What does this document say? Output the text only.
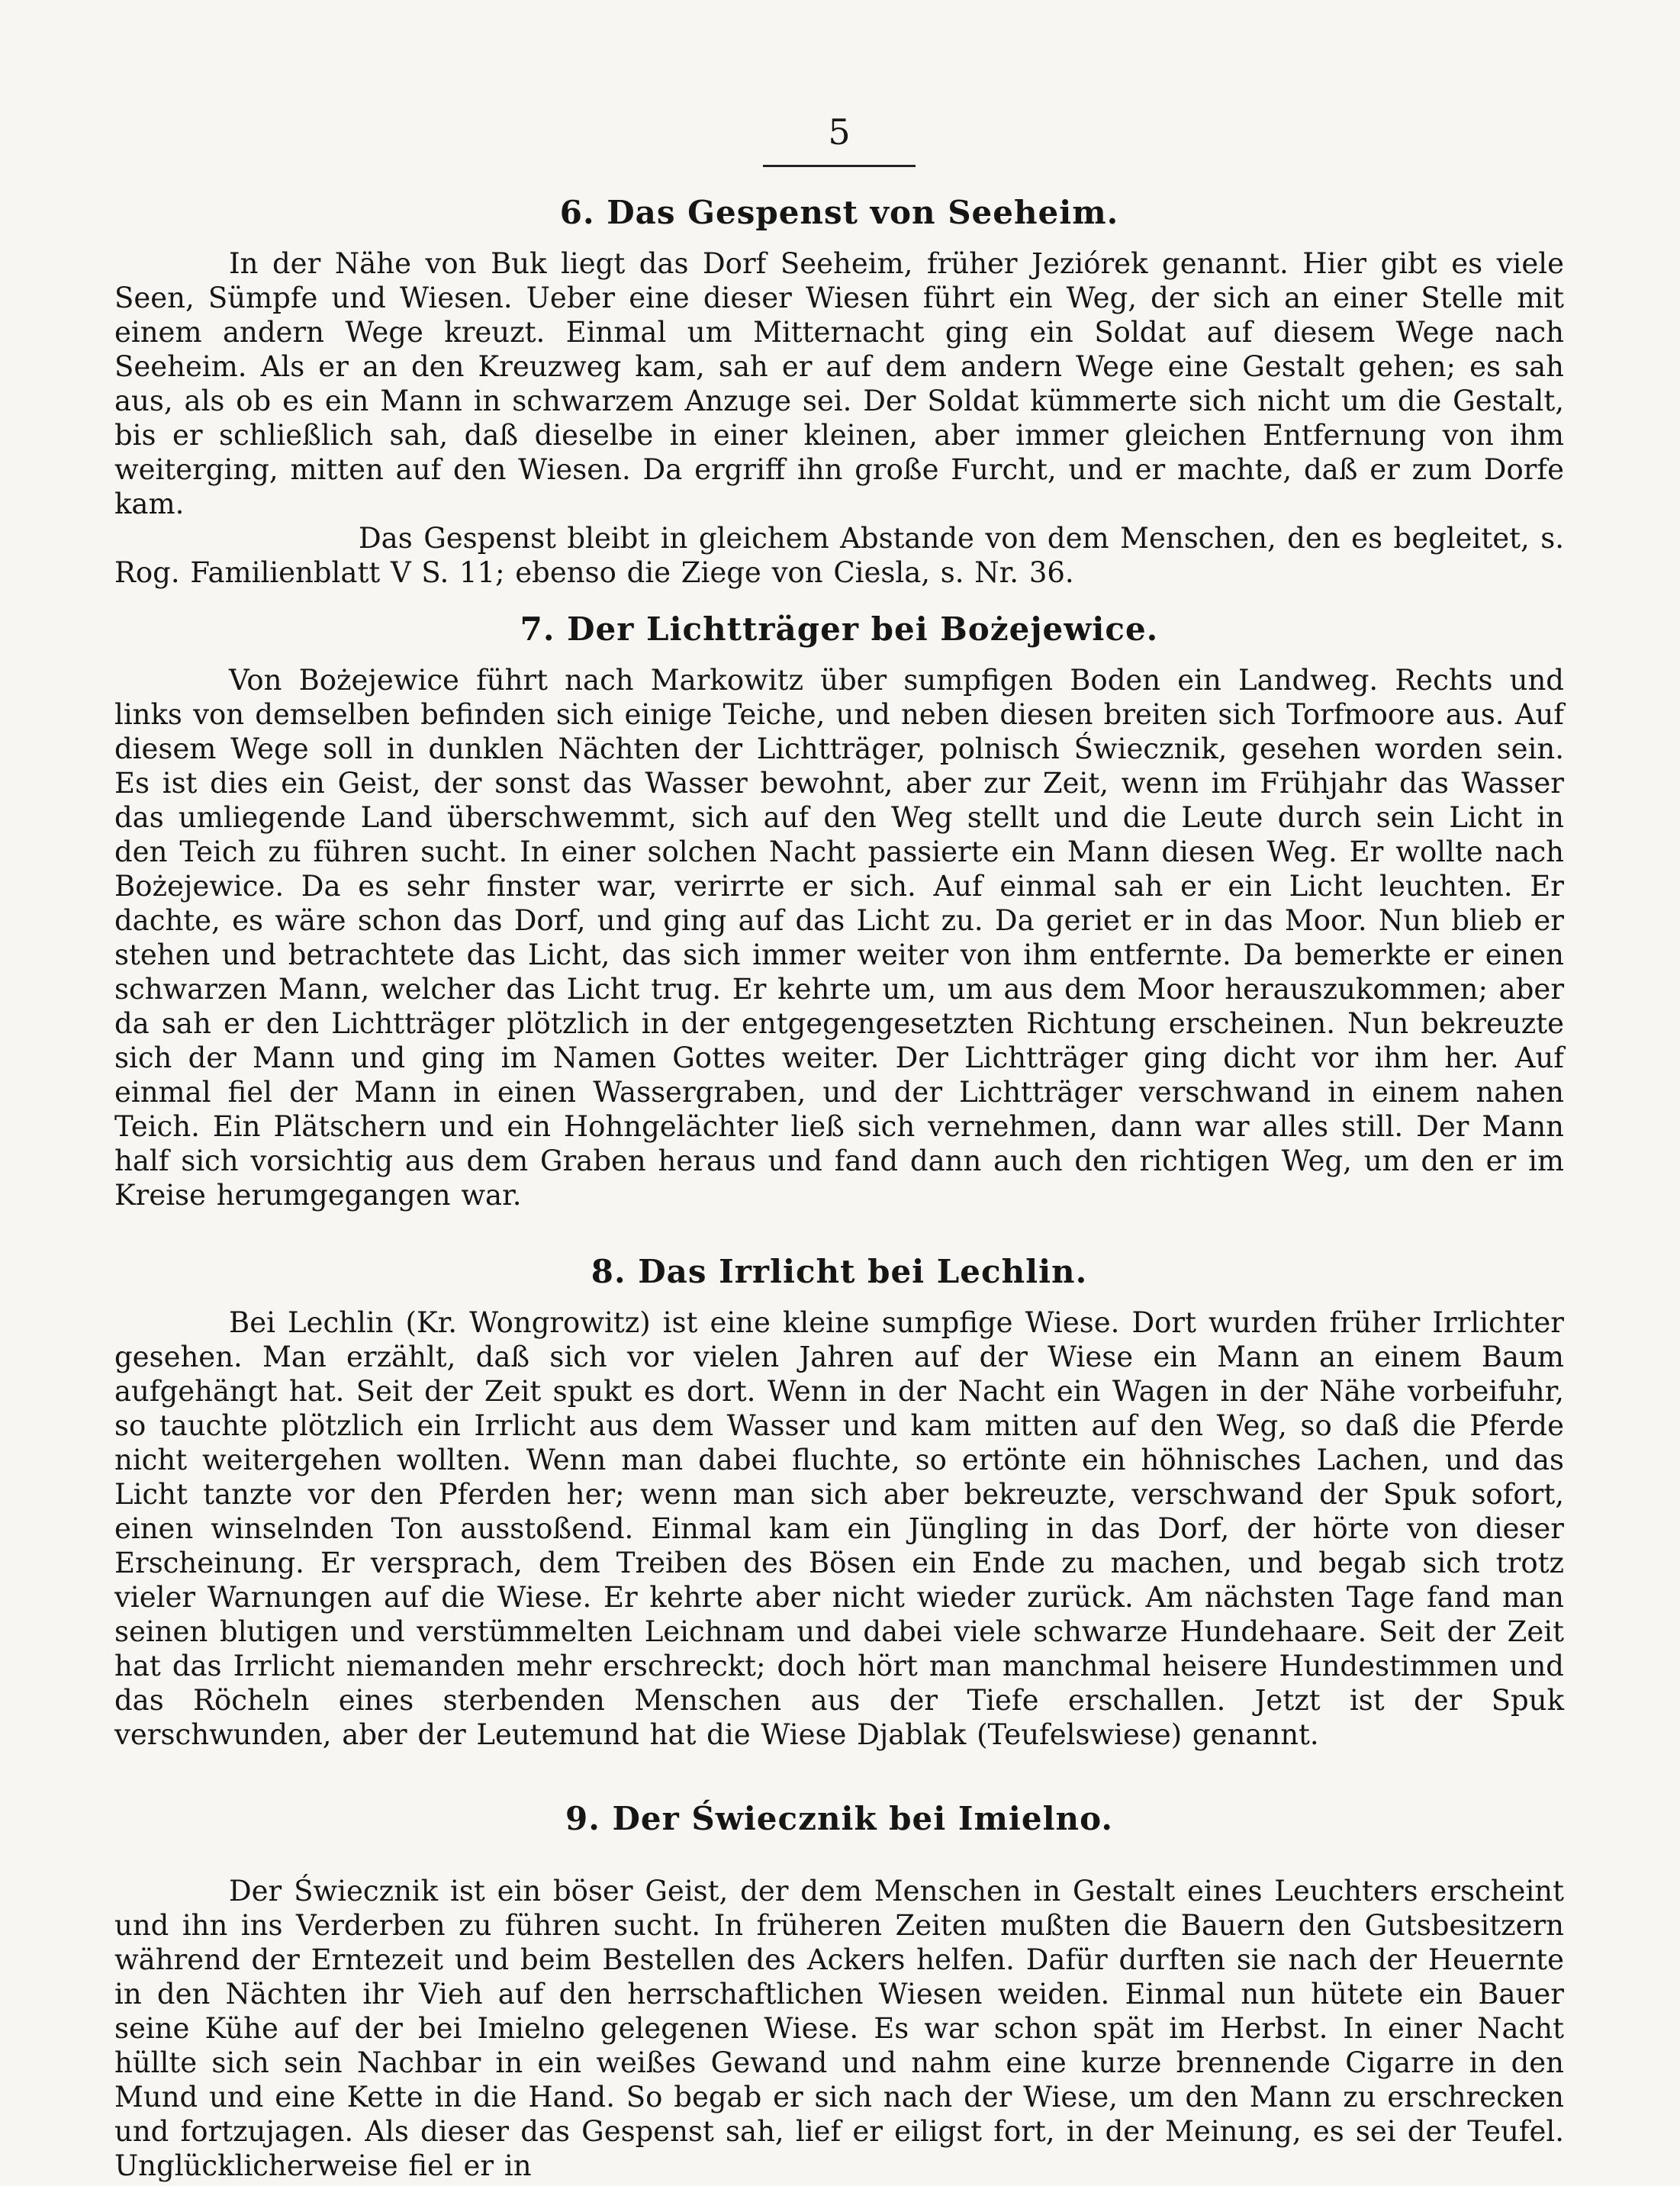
5
6. Das Gespenst von Seeheim.

In der Nähe von Buk liegt das Dorf Seeheim, früher Jeziórek genannt. Hier gibt es viele Seen, Sümpfe und Wiesen. Ueber eine dieser Wiesen führt ein Weg, der sich an einer Stelle mit einem andern Wege kreuzt. Einmal um Mitternacht ging ein Soldat auf diesem Wege nach Seeheim. Als er an den Kreuzweg kam, sah er auf dem andern Wege eine Gestalt gehen; es sah aus, als ob es ein Mann in schwarzem Anzuge sei. Der Soldat kümmerte sich nicht um die Gestalt, bis er schließlich sah, daß dieselbe in einer kleinen, aber immer gleichen Entfernung von ihm weiterging, mitten auf den Wiesen. Da ergriff ihn große Furcht, und er machte, daß er zum Dorfe kam.

Das Gespenst bleibt in gleichem Abstande von dem Menschen, den es begleitet, s. Rog. Familienblatt V S. 11; ebenso die Ziege von Ciesla, s. Nr. 36.

7. Der Lichtträger bei Bożejewice.

Von Bożejewice führt nach Markowitz über sumpfigen Boden ein Landweg. Rechts und links von demselben befinden sich einige Teiche, und neben diesen breiten sich Torfmoore aus. Auf diesem Wege soll in dunklen Nächten der Lichtträger, polnisch Świecznik, gesehen worden sein. Es ist dies ein Geist, der sonst das Wasser bewohnt, aber zur Zeit, wenn im Frühjahr das Wasser das umliegende Land überschwemmt, sich auf den Weg stellt und die Leute durch sein Licht in den Teich zu führen sucht. In einer solchen Nacht passierte ein Mann diesen Weg. Er wollte nach Bożejewice. Da es sehr finster war, verirrte er sich. Auf einmal sah er ein Licht leuchten. Er dachte, es wäre schon das Dorf, und ging auf das Licht zu. Da geriet er in das Moor. Nun blieb er stehen und betrachtete das Licht, das sich immer weiter von ihm entfernte. Da bemerkte er einen schwarzen Mann, welcher das Licht trug. Er kehrte um, um aus dem Moor herauszukommen; aber da sah er den Lichtträger plötzlich in der entgegengesetzten Richtung erscheinen. Nun bekreuzte sich der Mann und ging im Namen Gottes weiter. Der Lichtträger ging dicht vor ihm her. Auf einmal fiel der Mann in einen Wassergraben, und der Lichtträger verschwand in einem nahen Teich. Ein Plätschern und ein Hohngelächter ließ sich vernehmen, dann war alles still. Der Mann half sich vorsichtig aus dem Graben heraus und fand dann auch den richtigen Weg, um den er im Kreise herumgegangen war.

8. Das Irrlicht bei Lechlin.

Bei Lechlin (Kr. Wongrowitz) ist eine kleine sumpfige Wiese. Dort wurden früher Irrlichter gesehen. Man erzählt, daß sich vor vielen Jahren auf der Wiese ein Mann an einem Baum aufgehängt hat. Seit der Zeit spukt es dort. Wenn in der Nacht ein Wagen in der Nähe vorbeifuhr, so tauchte plötzlich ein Irrlicht aus dem Wasser und kam mitten auf den Weg, so daß die Pferde nicht weitergehen wollten. Wenn man dabei fluchte, so ertönte ein höhnisches Lachen, und das Licht tanzte vor den Pferden her; wenn man sich aber bekreuzte, verschwand der Spuk sofort, einen winselnden Ton ausstoßend. Einmal kam ein Jüngling in das Dorf, der hörte von dieser Erscheinung. Er versprach, dem Treiben des Bösen ein Ende zu machen, und begab sich trotz vieler Warnungen auf die Wiese. Er kehrte aber nicht wieder zurück. Am nächsten Tage fand man seinen blutigen und verstümmelten Leichnam und dabei viele schwarze Hundehaare. Seit der Zeit hat das Irrlicht niemanden mehr erschreckt; doch hört man manchmal heisere Hundestimmen und das Röcheln eines sterbenden Menschen aus der Tiefe erschallen. Jetzt ist der Spuk verschwunden, aber der Leutemund hat die Wiese Djablak (Teufelswiese) genannt.

9. Der Świecznik bei Imielno.

Der Świecznik ist ein böser Geist, der dem Menschen in Gestalt eines Leuchters erscheint und ihn ins Verderben zu führen sucht. In früheren Zeiten mußten die Bauern den Gutsbesitzern während der Erntezeit und beim Bestellen des Ackers helfen. Dafür durften sie nach der Heuernte in den Nächten ihr Vieh auf den herrschaftlichen Wiesen weiden. Einmal nun hütete ein Bauer seine Kühe auf der bei Imielno gelegenen Wiese. Es war schon spät im Herbst. In einer Nacht hüllte sich sein Nachbar in ein weißes Gewand und nahm eine kurze brennende Cigarre in den Mund und eine Kette in die Hand. So begab er sich nach der Wiese, um den Mann zu erschrecken und fortzujagen. Als dieser das Gespenst sah, lief er eiligst fort, in der Meinung, es sei der Teufel. Unglücklicherweise fiel er in
